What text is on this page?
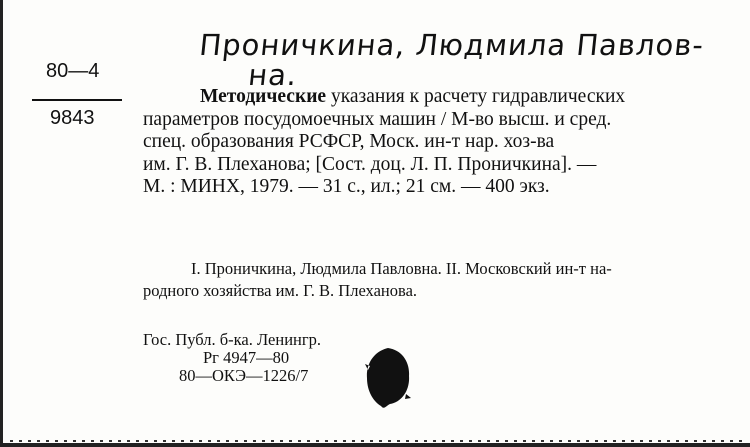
80—4
9843
Проничкина, Людмила Павлов-
на.
Методические указания к расчету гидравлических
параметров посудомоечных машин / М-во высш. и сред.
спец. образования РСФСР, Моск. ин-т нар. хоз-ва
им. Г. В. Плеханова; [Сост. доц. Л. П. Проничкина]. —
М. : МИНХ, 1979. — 31 с., ил.; 21 см. — 400 экз.
I. Проничкина, Людмила Павловна. II. Московский ин-т на-
родного хозяйства им. Г. В. Плеханова.
Гос. Публ. б-ка. Ленингр.
Рг 4947—80
80—ОКЭ—1226/7
